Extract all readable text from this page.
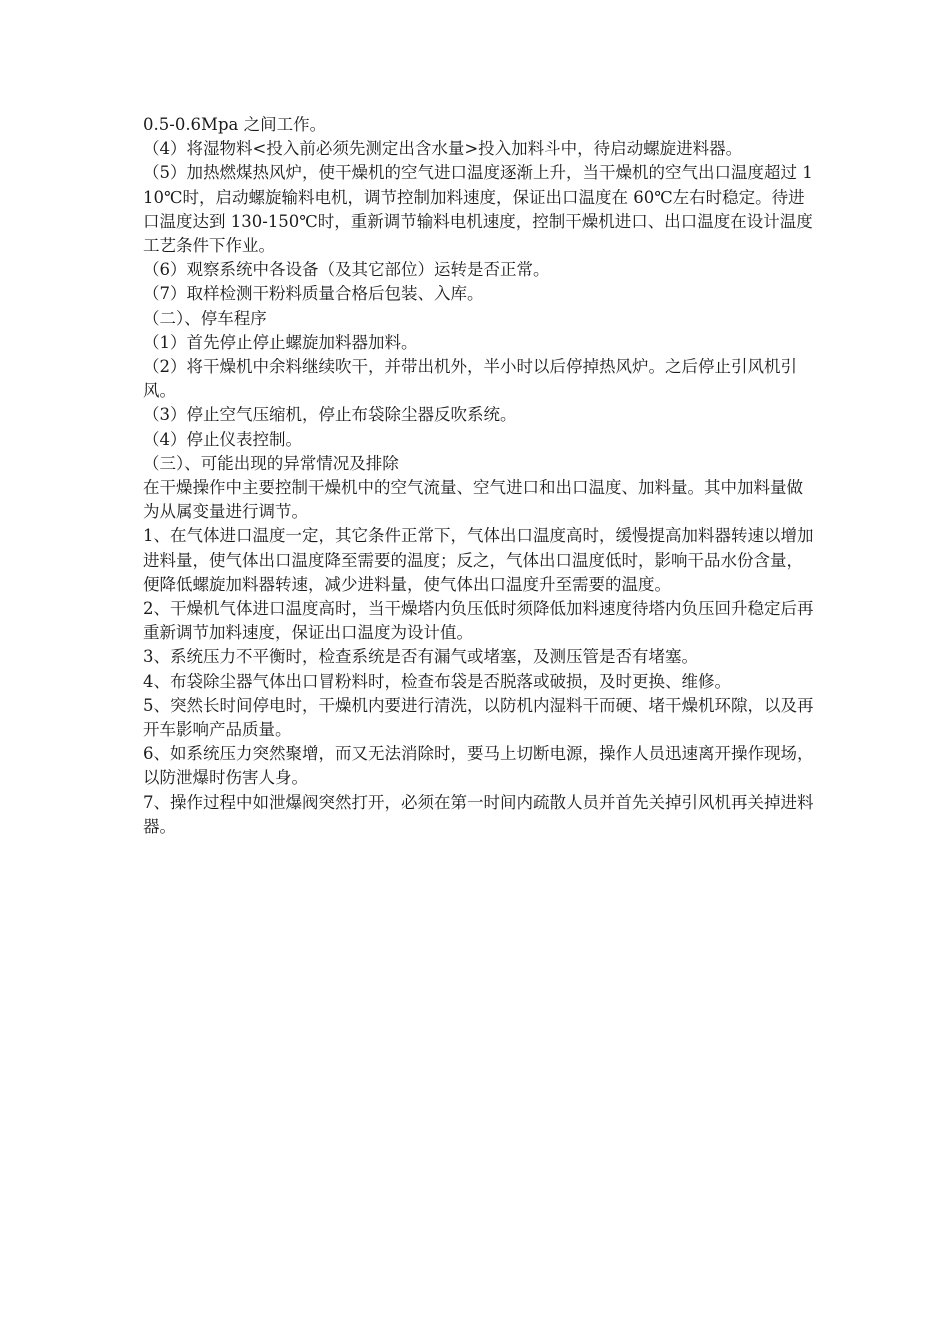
0.5-0.6Mpa 之间工作。

（4）将湿物料<投入前必须先测定出含水量>投入加料斗中，待启动螺旋进料器。

（5）加热燃煤热风炉，使干燥机的空气进口温度逐渐上升，当干燥机的空气出口温度超过 110℃时，启动螺旋输料电机，调节控制加料速度，保证出口温度在 60℃左右时稳定。待进口温度达到 130-150℃时，重新调节输料电机速度，控制干燥机进口、出口温度在设计温度工艺条件下作业。

（6）观察系统中各设备（及其它部位）运转是否正常。

（7）取样检测干粉料质量合格后包装、入库。

（二）、停车程序

（1）首先停止停止螺旋加料器加料。

（2）将干燥机中余料继续吹干，并带出机外，半小时以后停掉热风炉。之后停止引风机引风。

（3）停止空气压缩机，停止布袋除尘器反吹系统。

（4）停止仪表控制。

（三）、可能出现的异常情况及排除

在干燥操作中主要控制干燥机中的空气流量、空气进口和出口温度、加料量。其中加料量做为从属变量进行调节。

1、在气体进口温度一定，其它条件正常下，气体出口温度高时，缓慢提高加料器转速以增加进料量，使气体出口温度降至需要的温度；反之，气体出口温度低时，影响干品水份含量，便降低螺旋加料器转速，减少进料量，使气体出口温度升至需要的温度。

2、干燥机气体进口温度高时，当干燥塔内负压低时须降低加料速度待塔内负压回升稳定后再重新调节加料速度，保证出口温度为设计值。

3、系统压力不平衡时，检查系统是否有漏气或堵塞，及测压管是否有堵塞。

4、布袋除尘器气体出口冒粉料时，检查布袋是否脱落或破损，及时更换、维修。

5、突然长时间停电时，干燥机内要进行清洗，以防机内湿料干而硬、堵干燥机环隙，以及再开车影响产品质量。

6、如系统压力突然聚增，而又无法消除时，要马上切断电源，操作人员迅速离开操作现场，以防泄爆时伤害人身。

7、操作过程中如泄爆阀突然打开，必须在第一时间内疏散人员并首先关掉引风机再关掉进料器。
